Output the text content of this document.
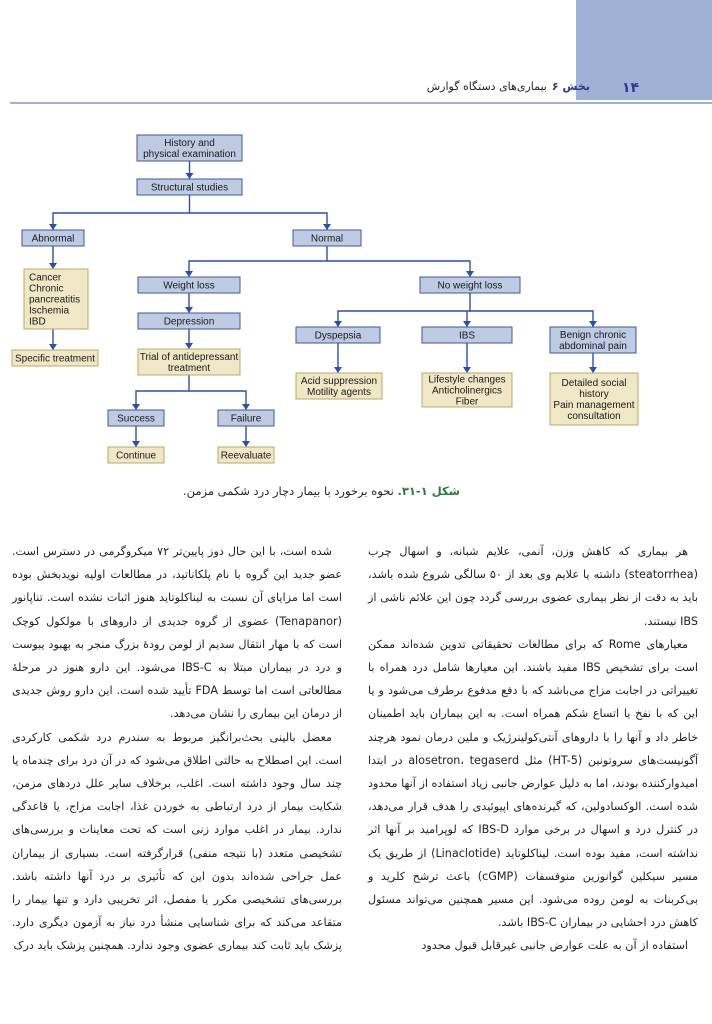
۱۴
بخش ۶بیماری‌های دستگاه گوارش
History and
physical examination
Structural studies
Abnormal	Normal
Cancer
Chronic
pancreatitis
Ischemia
IBD
Specific treatment
Weight loss	No weight loss
Depression
Trial of antidepressant
treatment
Success	Failure
Continue	Reevaluate
Dyspepsia	IBS	Benign chronic
abdominal pain
Acid suppression
Motility agents
Lifestyle changes
Anticholinergics
Fiber
Detailed social
history
Pain management
consultation
شکل ۱-۳۱. نحوه برخورد با بیمار دچار درد شکمی مزمن.

هر بیماری که کاهش وزن، آنمی، علایم شبانه، و اسهال چرب (steatorrhea) داشته یا علایم وی بعد از ۵۰ سالگی شروع شده باشد، باید به دقت از نظر بیماری عضوی بررسی گردد چون این علائم ناشی از IBS نیستند.

معیارهای Rome که برای مطالعات تحقیقاتی تدوین شده‌اند ممکن است برای تشخیص IBS مفید باشند. این معیارها شامل درد همراه با تغییراتی در اجابت مزاج می‌باشد که با دفع مدفوع برطرف می‌شود و یا این که با نفخ یا اتساع شکم همراه است. به این بیماران باید اطمینان خاطر داد و آنها را با داروهای آنتی‌کولینرژیک و ملین درمان نمود هرچند آگونیست‌های سروتونین (HT-5) مثل alosetron، tegaserd در ابتدا امیدوارکننده بودند، اما به دلیل عوارض جانبی زیاد استفاده از آنها محدود شده است. الوکسادولین، که گیرنده‌های اپیوئیدی را هدف قرار می‌دهد، در کنترل درد و اسهال در برخی موارد IBS-D که لوپرامید بر آنها اثر نداشته است، مفید بوده است. لیناکلوتاید (Linaclotide) از طریق یک مسیر سیکلین گوانوزین منوفسفات (cGMP) باعث ترشح کلرید و بی‌کربنات به لومن روده می‌شود. این مسیر همچنین می‌تواند مسئول کاهش درد احشایی در بیماران IBS-C باشد.

استفاده از آن به علت عوارض جانبی غیرقابل قبول محدود

شده است، با این حال دوز پایین‌تر ۷۲ میکروگرمی در دسترس است. عضو جدید این گروه با نام پلکاناتید، در مطالعات اولیه نویدبخش بوده است اما مزایای آن نسبت به لیناکلوتاید هنوز اثبات نشده است. تناپانور (Tenapanor) عضوی از گروه جدیدی از داروهای با مولکول کوچک است که با مهار انتقال سدیم از لومن رودهٔ بزرگ منجر به بهبود یبوست و درد در بیماران مبتلا به IBS-C می‌شود. این دارو هنوز در مرحلهٔ مطالعاتی است اما توسط FDA تأیید شده است. این دارو روش جدیدی از درمان این بیماری را نشان می‌دهد.

معضل بالینی بحث‌برانگیز مربوط به سندرم درد شکمی کارکردی است. این اصطلاح به حالتی اطلاق می‌شود که در آن درد برای چندماه یا چند سال وجود داشته است. اغلب، برخلاف سایر علل دردهای مزمن، شکایت بیمار از درد ارتباطی به خوردن غذا، اجابت مزاج، یا قاعدگی ندارد. بیمار در اغلب موارد زنی است که تحت معاینات و بررسی‌های تشخیصی متعدد (با نتیجه منفی) قرارگرفته است. بسیاری از بیماران عمل جراحی شده‌اند بدون این که تأثیری بر درد آنها داشته باشد. بررسی‌های تشخیصی مکرر یا مفصل، اثر تخریبی دارد و تنها بیمار را متقاعد می‌کند که برای شناسایی منشأ درد نیاز به آزمون دیگری دارد. پزشک باید ثابت کند بیماری عضوی وجود ندارد. همچنین پزشک باید درک
